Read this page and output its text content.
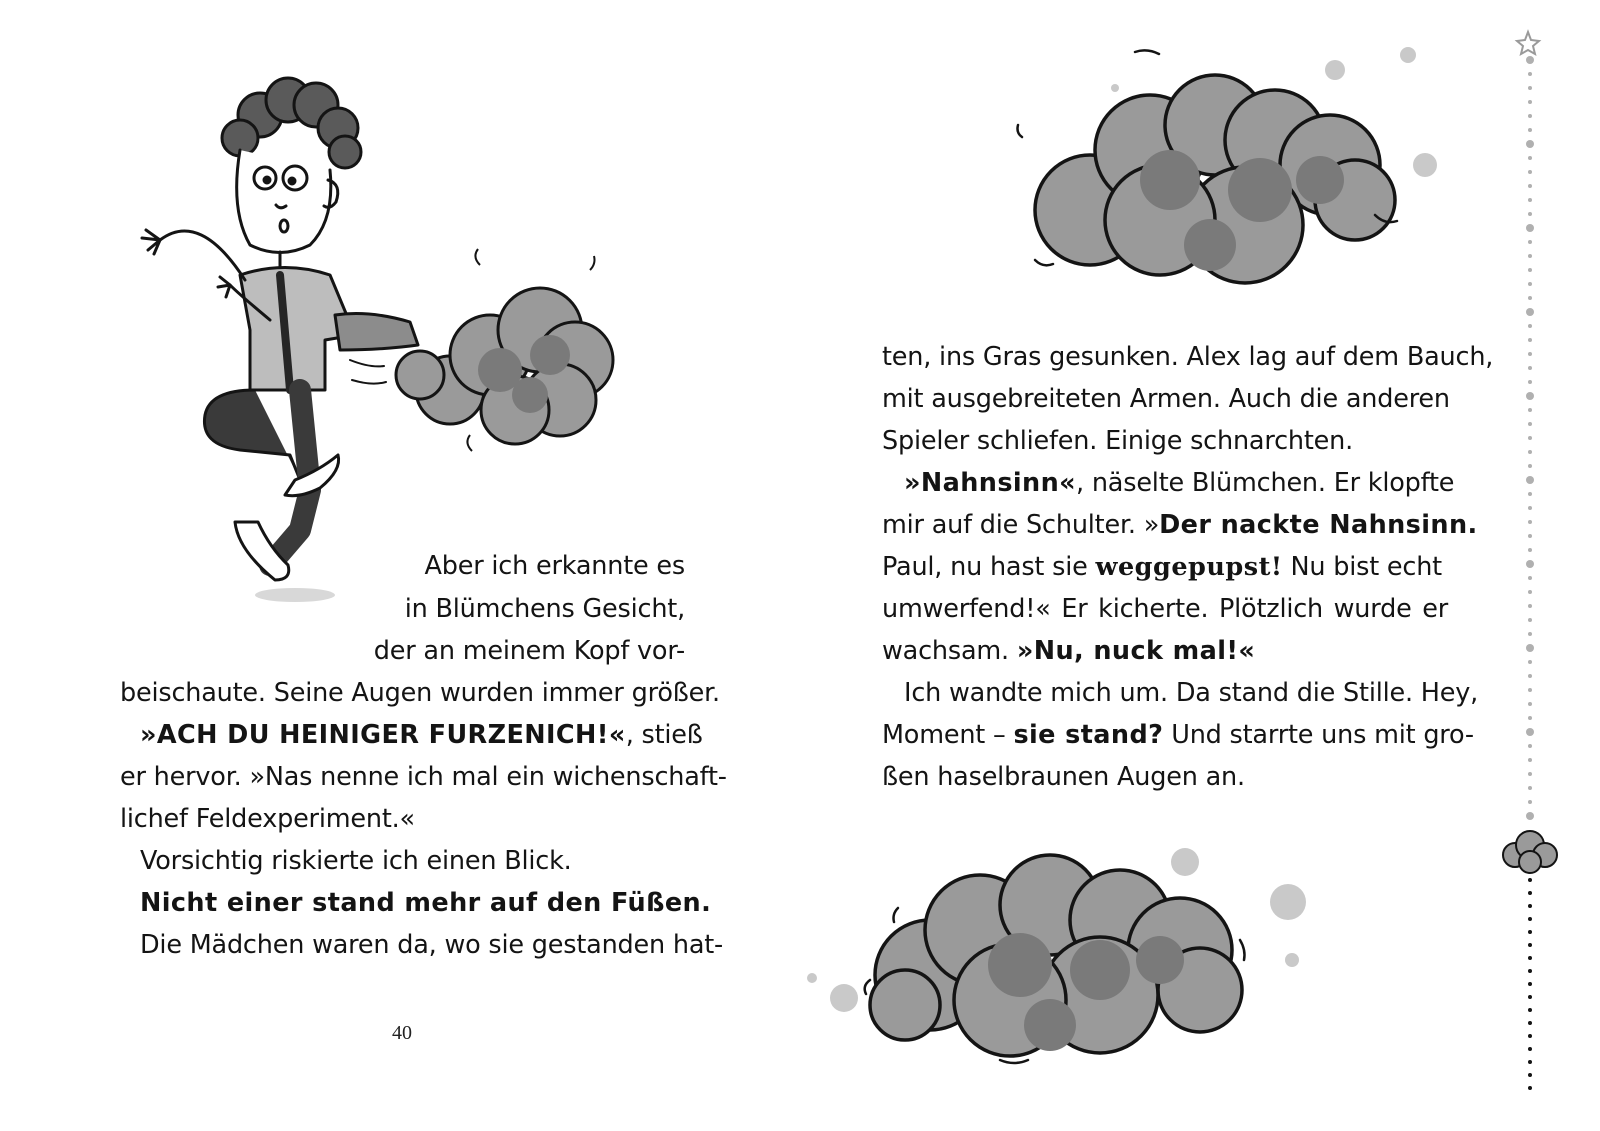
Aber ich erkannte es
in Blümchens Gesicht,
der an meinem Kopf vor-
beischaute. Seine Augen wurden immer größer.
»ACH DU HEINIGER FURZENICH!«, stieß
er hervor. »Nas nenne ich mal ein wichenschaft-
lichef Feldexperiment.«
Vorsichtig riskierte ich einen Blick.
Nicht einer stand mehr auf den Füßen.
Die Mädchen waren da, wo sie gestanden hat-
40
ten, ins Gras gesunken. Alex lag auf dem Bauch,
mit ausgebreiteten Armen. Auch die anderen
Spieler schliefen. Einige schnarchten.
»Nahnsinn«, näselte Blümchen. Er klopfte
mir auf die Schulter. »Der nackte Nahnsinn.
Paul, nu hast sie weggepupst! Nu bist echt
umwerfend!« Er kicherte. Plötzlich wurde er
wachsam. »Nu, nuck mal!«
Ich wandte mich um. Da stand die Stille. Hey,
Moment – sie stand? Und starrte uns mit gro-
ßen haselbraunen Augen an.
